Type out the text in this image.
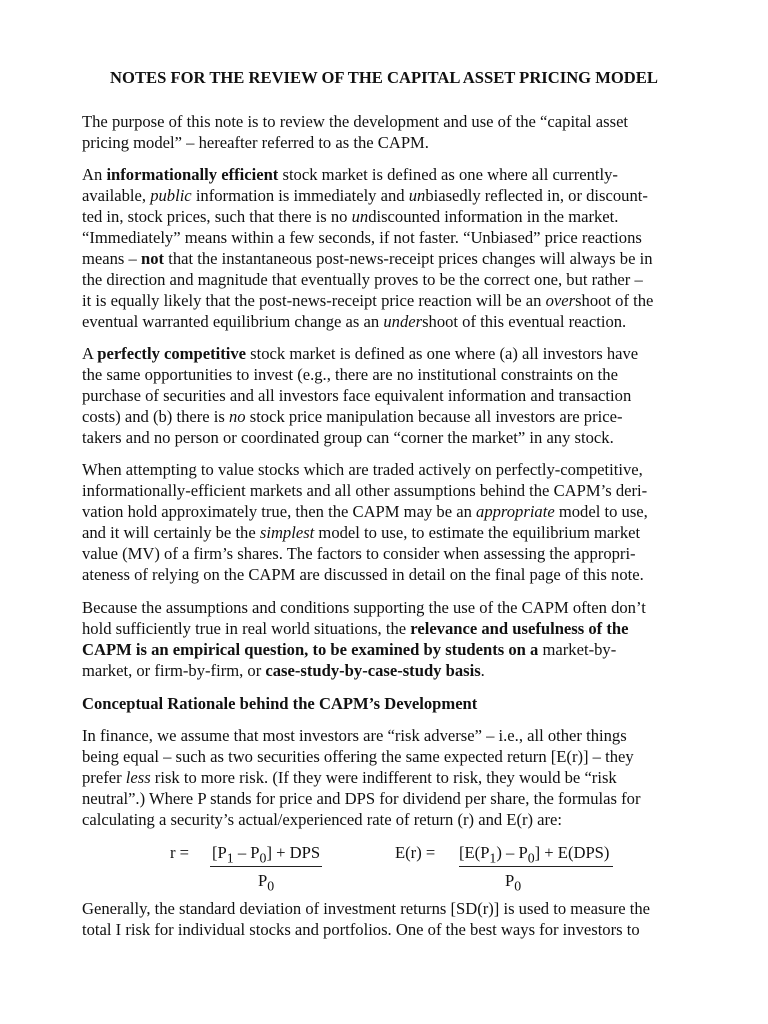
NOTES FOR THE REVIEW OF THE CAPITAL ASSET PRICING MODEL

The purpose of this note is to review the development and use of the “capital asset
pricing model” – hereafter referred to as the CAPM.

An informationally efficient stock market is defined as one where all currently-
available, public information is immediately and unbiasedly reflected in, or discount-
ted in, stock prices, such that there is no undiscounted information in the market.
“Immediately” means within a few seconds, if not faster. “Unbiased” price reactions
means – not that the instantaneous post-news-receipt prices changes will always be in
the direction and magnitude that eventually proves to be the correct one, but rather –
it is equally likely that the post-news-receipt price reaction will be an overshoot of the
eventual warranted equilibrium change as an undershoot of this eventual reaction.

A perfectly competitive stock market is defined as one where (a) all investors have
the same opportunities to invest (e.g., there are no institutional constraints on the
purchase of securities and all investors face equivalent information and transaction
costs) and (b) there is no stock price manipulation because all investors are price-
takers and no person or coordinated group can “corner the market” in any stock.

When attempting to value stocks which are traded actively on perfectly-competitive,
informationally-efficient markets and all other assumptions behind the CAPM’s deri-
vation hold approximately true, then the CAPM may be an appropriate model to use,
and it will certainly be the simplest model to use, to estimate the equilibrium market
value (MV) of a firm’s shares. The factors to consider when assessing the appropri-
ateness of relying on the CAPM are discussed in detail on the final page of this note.

Because the assumptions and conditions supporting the use of the CAPM often don’t
hold sufficiently true in real world situations, the relevance and usefulness of the
CAPM is an empirical question, to be examined by students on a market-by-
market, or firm-by-firm, or case-study-by-case-study basis.

Conceptual Rationale behind the CAPM’s Development

In finance, we assume that most investors are “risk adverse” – i.e., all other things
being equal – such as two securities offering the same expected return [E(r)] – they
prefer less risk to more risk. (If they were indifferent to risk, they would be “risk
neutral”.) Where P stands for price and DPS for dividend per share, the formulas for
calculating a security’s actual/experienced rate of return (r) and E(r) are:

$r = [P_1 - P_0]$ + DPS
$P_0$
$E(r) = [E(P_1) - P_0] + E(DPS)$
$P_0$

Generally, the standard deviation of investment returns [SD(r)] is used to measure the
total I risk for individual stocks and portfolios. One of the best ways for investors to
